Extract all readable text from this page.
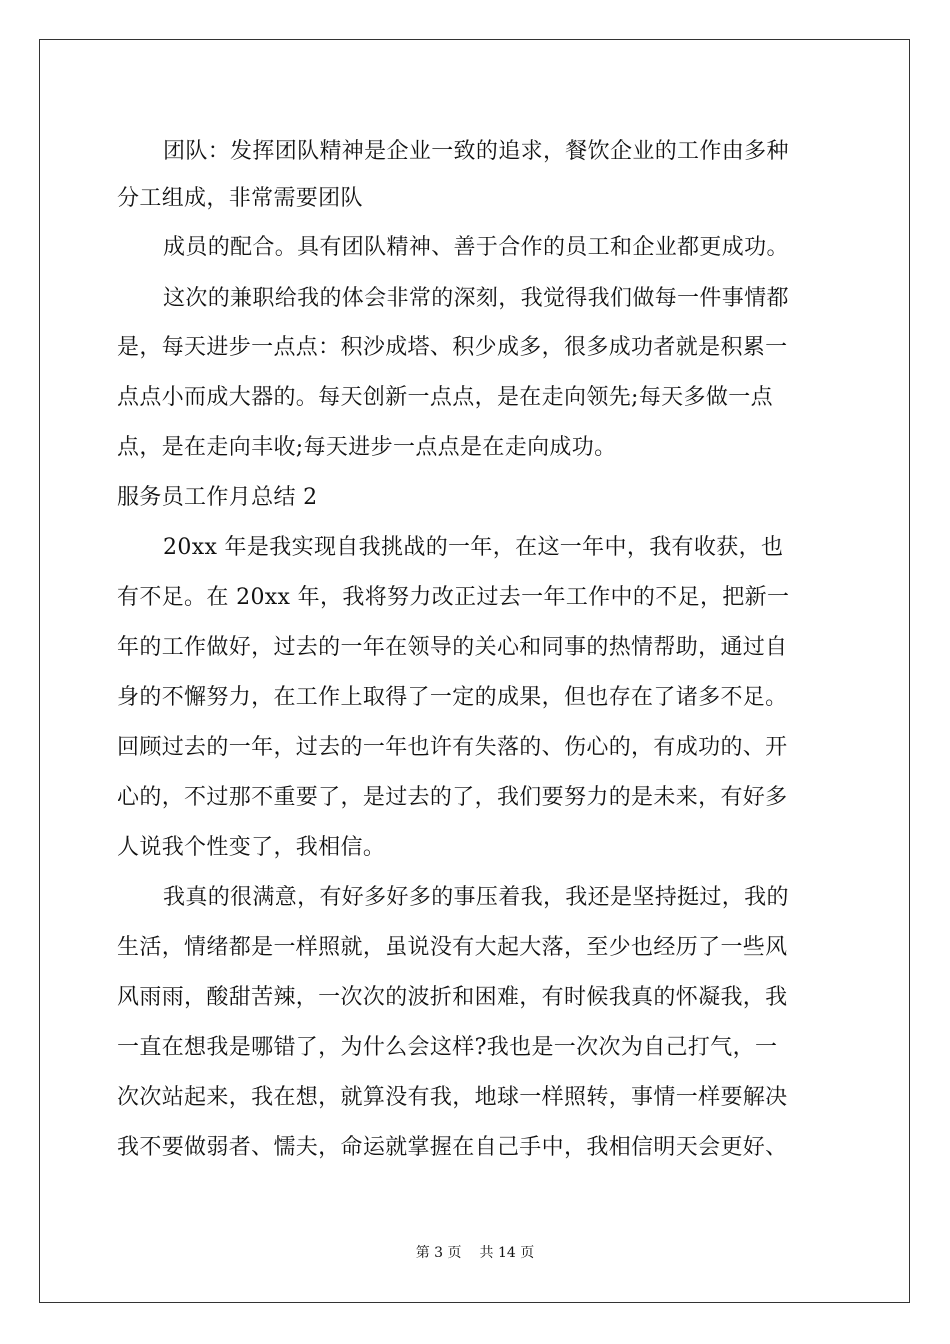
团队：发挥团队精神是企业一致的追求，餐饮企业的工作由多种
分工组成，非常需要团队
成员的配合。具有团队精神、善于合作的员工和企业都更成功。
这次的兼职给我的体会非常的深刻，我觉得我们做每一件事情都
是，每天进步一点点：积沙成塔、积少成多，很多成功者就是积累一
点点小而成大器的。每天创新一点点，是在走向领先;每天多做一点
点，是在走向丰收;每天进步一点点是在走向成功。
服务员工作月总结 2
20xx 年是我实现自我挑战的一年，在这一年中，我有收获，也
有不足。在 20xx 年，我将努力改正过去一年工作中的不足，把新一
年的工作做好，过去的一年在领导的关心和同事的热情帮助，通过自
身的不懈努力，在工作上取得了一定的成果，但也存在了诸多不足。
回顾过去的一年，过去的一年也许有失落的、伤心的，有成功的、开
心的，不过那不重要了，是过去的了，我们要努力的是未来，有好多
人说我个性变了，我相信。
我真的很满意，有好多好多的事压着我，我还是坚持挺过，我的
生活，情绪都是一样照就，虽说没有大起大落，至少也经历了一些风
风雨雨，酸甜苦辣，一次次的波折和困难，有时候我真的怀凝我，我
一直在想我是哪错了，为什么会这样?我也是一次次为自己打气，一
次次站起来，我在想，就算没有我，地球一样照转，事情一样要解决
我不要做弱者、懦夫，命运就掌握在自己手中，我相信明天会更好、
第 3 页 共 14 页
